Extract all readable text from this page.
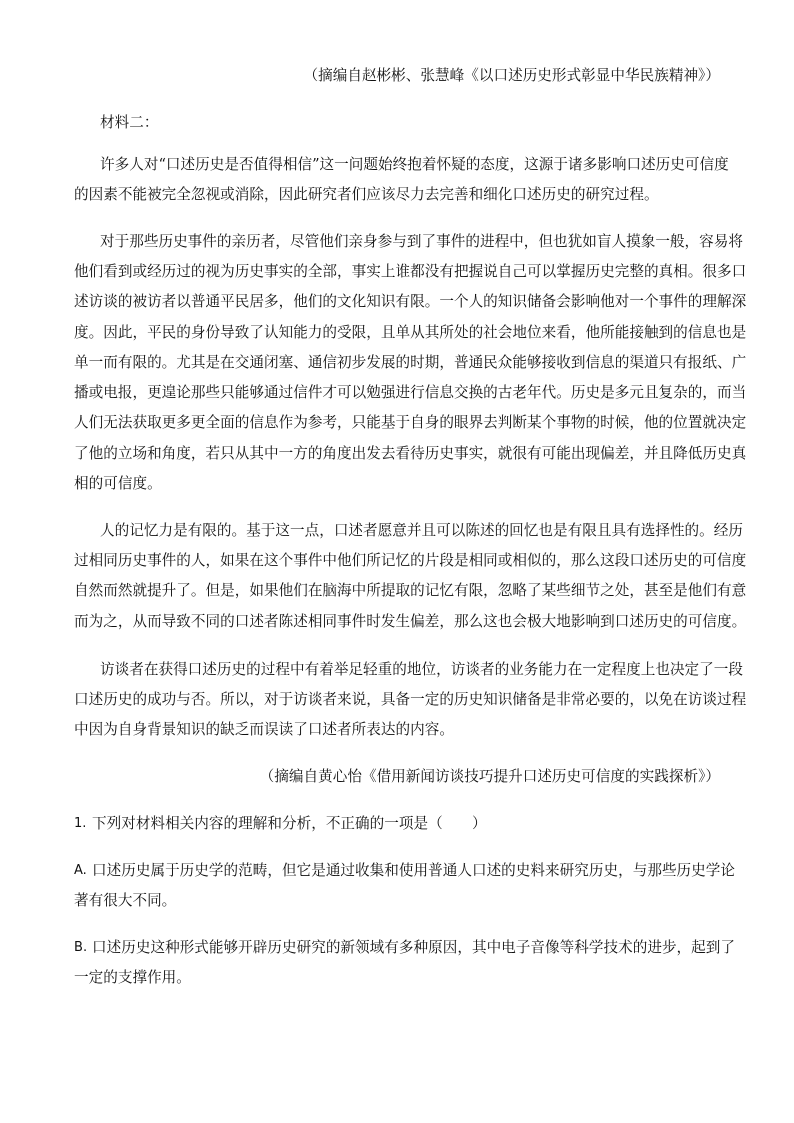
（摘编自赵彬彬、张慧峰《以口述历史形式彰显中华民族精神》）
材料二：
许多人对“口述历史是否值得相信”这一问题始终抱着怀疑的态度，这源于诸多影响口述历史可信度
的因素不能被完全忽视或消除，因此研究者们应该尽力去完善和细化口述历史的研究过程。
对于那些历史事件的亲历者，尽管他们亲身参与到了事件的进程中，但也犹如盲人摸象一般，容易将
他们看到或经历过的视为历史事实的全部，事实上谁都没有把握说自己可以掌握历史完整的真相。很多口
述访谈的被访者以普通平民居多，他们的文化知识有限。一个人的知识储备会影响他对一个事件的理解深
度。因此，平民的身份导致了认知能力的受限，且单从其所处的社会地位来看，他所能接触到的信息也是
单一而有限的。尤其是在交通闭塞、通信初步发展的时期，普通民众能够接收到信息的渠道只有报纸、广
播或电报，更遑论那些只能够通过信件才可以勉强进行信息交换的古老年代。历史是多元且复杂的，而当
人们无法获取更多更全面的信息作为参考，只能基于自身的眼界去判断某个事物的时候，他的位置就决定
了他的立场和角度，若只从其中一方的角度出发去看待历史事实，就很有可能出现偏差，并且降低历史真
相的可信度。
人的记忆力是有限的。基于这一点，口述者愿意并且可以陈述的回忆也是有限且具有选择性的。经历
过相同历史事件的人，如果在这个事件中他们所记忆的片段是相同或相似的，那么这段口述历史的可信度
自然而然就提升了。但是，如果他们在脑海中所提取的记忆有限，忽略了某些细节之处，甚至是他们有意
而为之，从而导致不同的口述者陈述相同事件时发生偏差，那么这也会极大地影响到口述历史的可信度。
访谈者在获得口述历史的过程中有着举足轻重的地位，访谈者的业务能力在一定程度上也决定了一段
口述历史的成功与否。所以，对于访谈者来说，具备一定的历史知识储备是非常必要的，以免在访谈过程
中因为自身背景知识的缺乏而误读了口述者所表达的内容。
（摘编自黄心怡《借用新闻访谈技巧提升口述历史可信度的实践探析》）
1. 下列对材料相关内容的理解和分析，不正确的一项是（　　）
A. 口述历史属于历史学的范畴，但它是通过收集和使用普通人口述的史料来研究历史，与那些历史学论
著有很大不同。
B. 口述历史这种形式能够开辟历史研究的新领域有多种原因，其中电子音像等科学技术的进步，起到了
一定的支撑作用。
